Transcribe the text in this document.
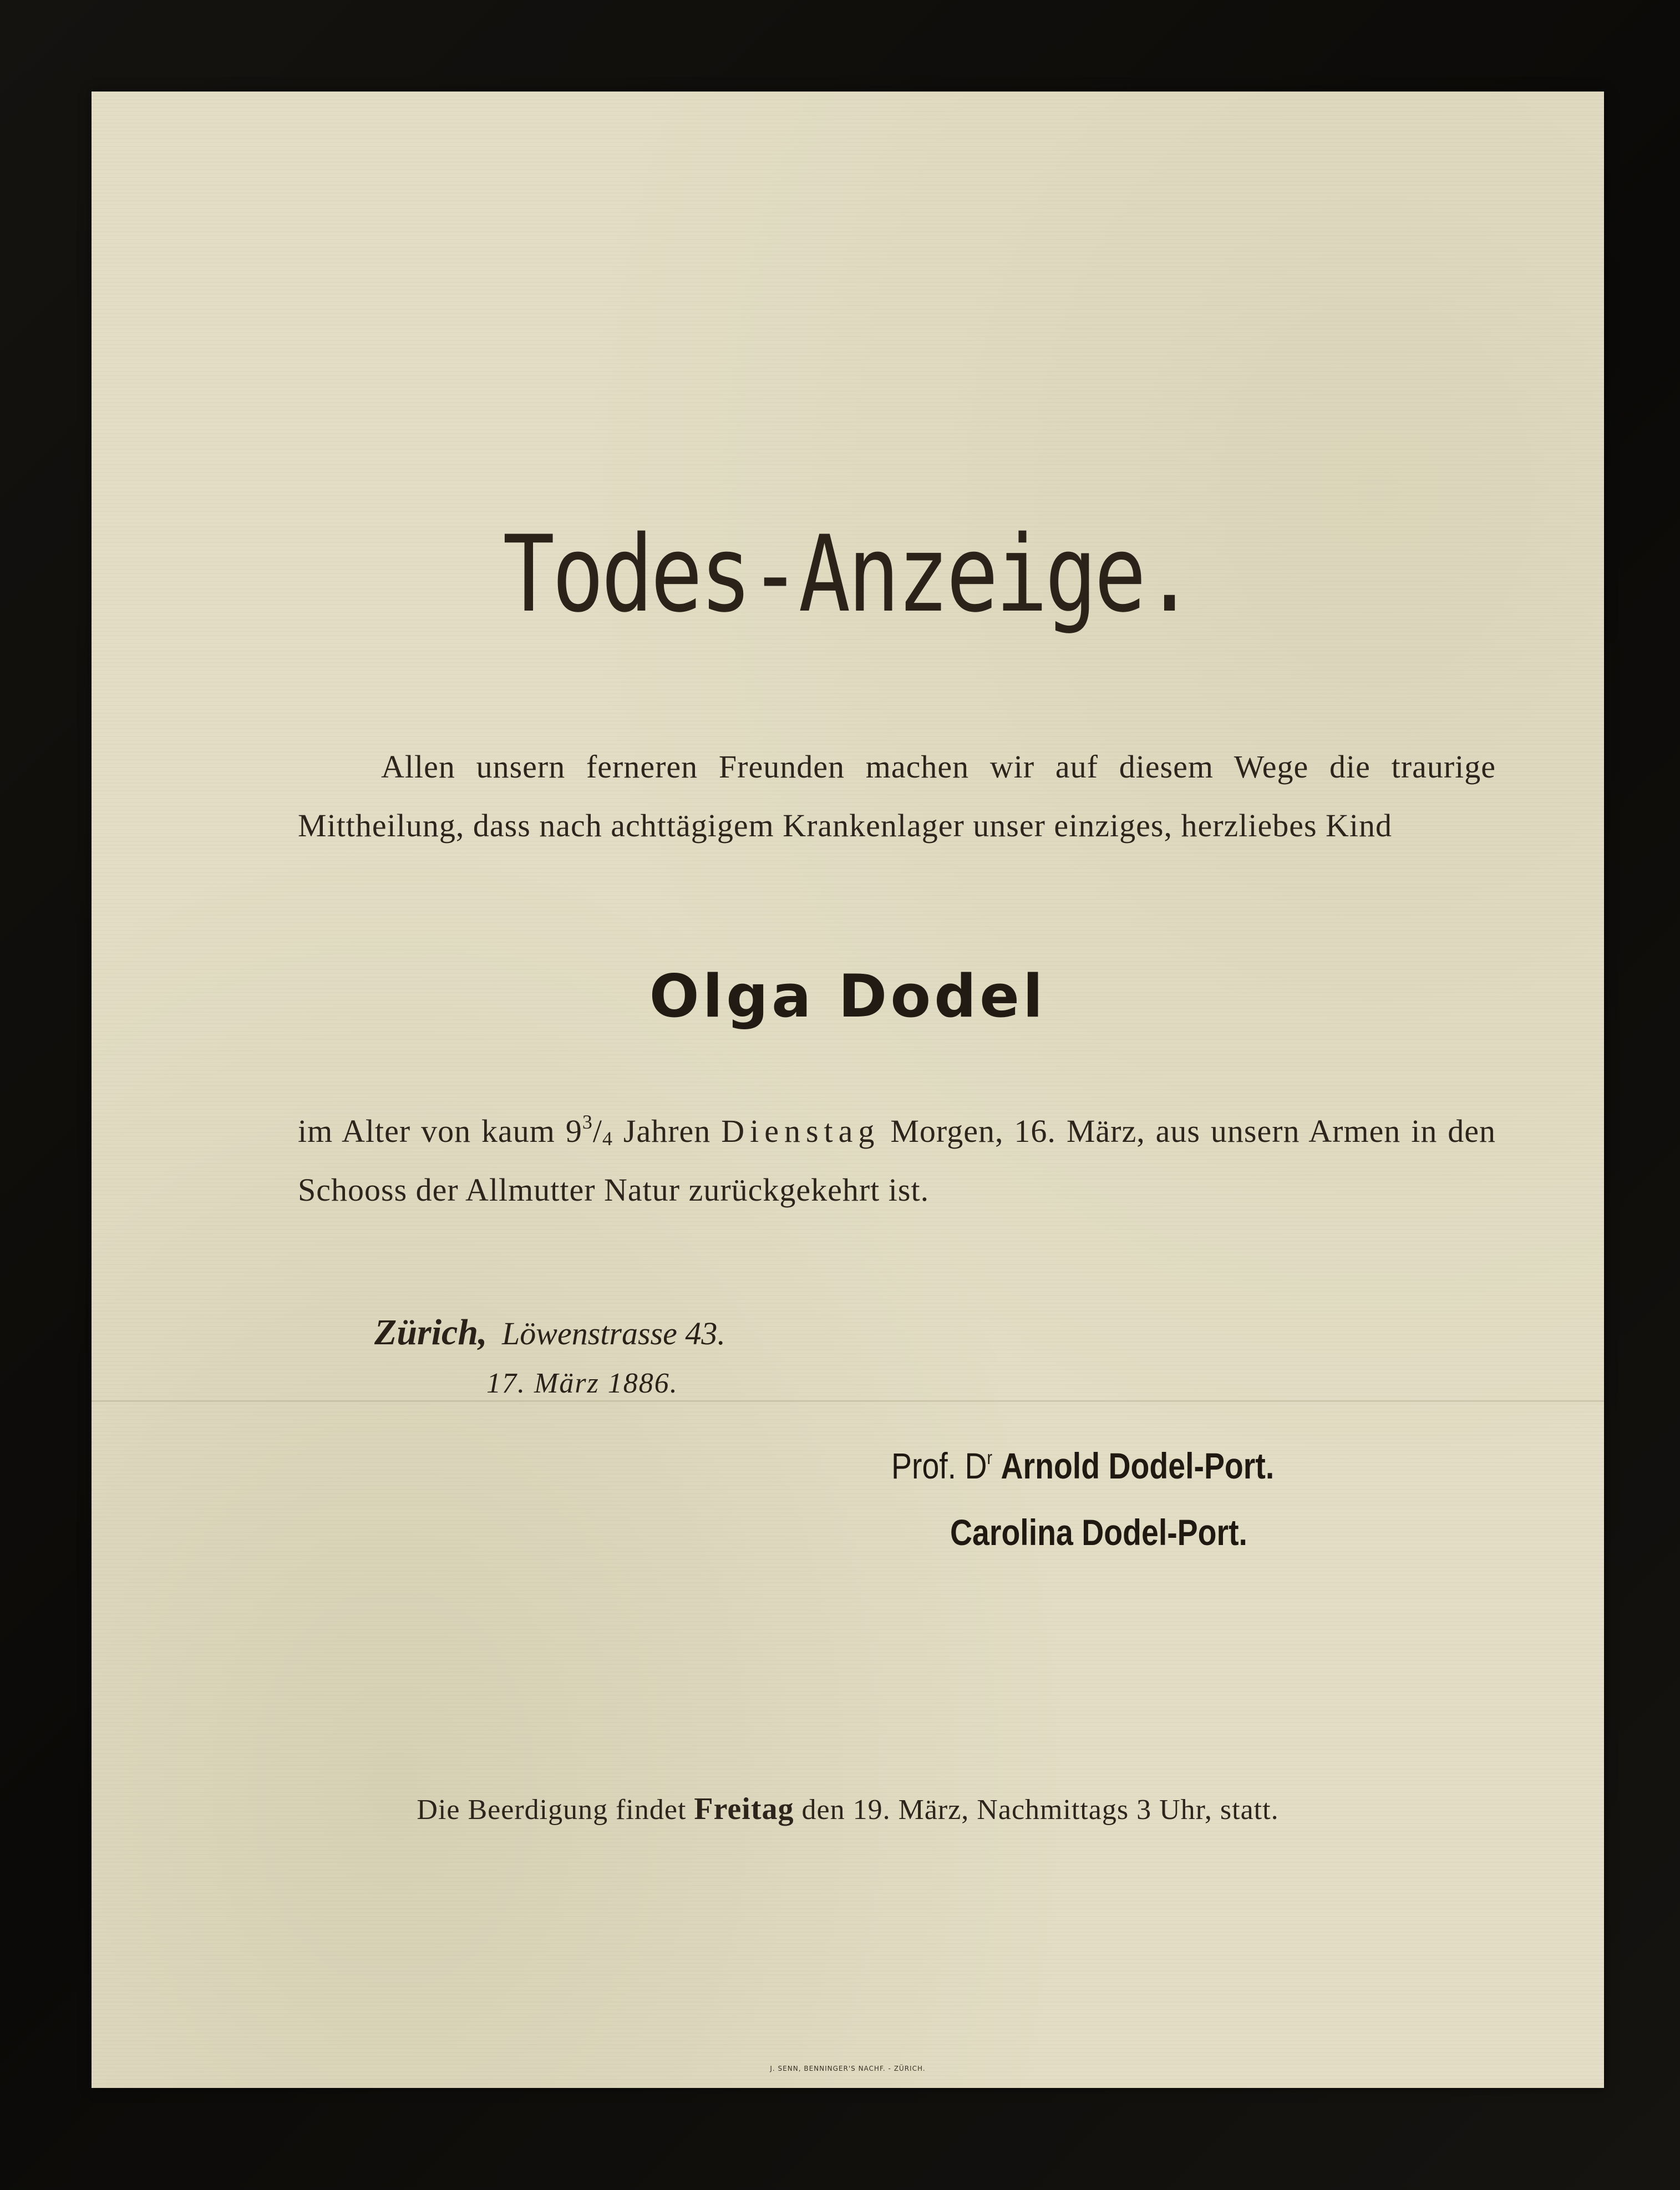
Todes-Anzeige.
Allen unsern ferneren Freunden machen wir auf diesem Wege die traurige Mittheilung, dass nach achttägigem Krankenlager unser einziges, herzliebes Kind
Olga Dodel
im Alter von kaum $9^3/_4$ Jahren Dienstag Morgen, 16. März, aus unsern Armen in den Schooss der Allmutter Natur zurückgekehrt ist.
Zürich, Löwenstrasse 43.
17. März 1886.
Prof. $D^r$ Arnold Dodel-Port.
Carolina Dodel-Port.
Die Beerdigung findet Freitag den 19. März, Nachmittags 3 Uhr, statt.
J. SENN, BENNINGER'S NACHF. - ZÜRICH.
